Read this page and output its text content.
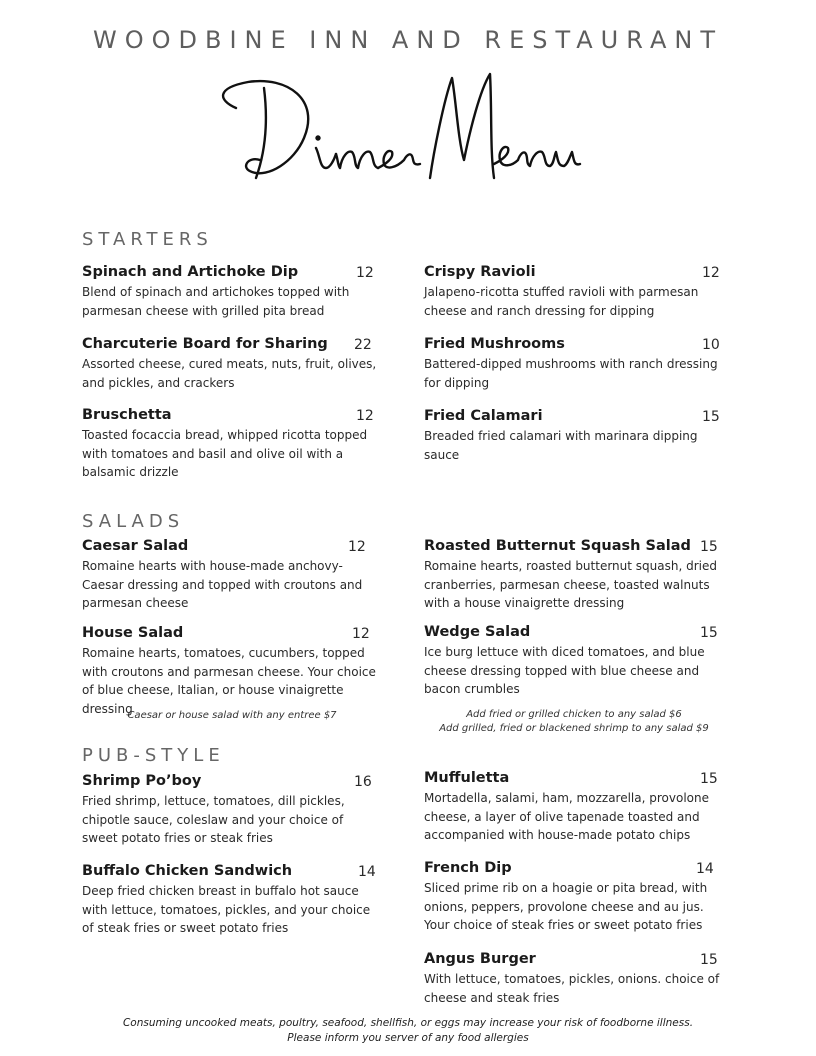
WOODBINE INN AND RESTAURANT
STARTERS
Spinach and Artichoke Dip	12
Blend of spinach and artichokes topped with parmesan cheese with grilled pita bread
Charcuterie Board for Sharing	22
Assorted cheese, cured meats, nuts, fruit, olives, and pickles, and crackers
Bruschetta	12
Toasted focaccia bread, whipped ricotta topped with tomatoes and basil and olive oil with a balsamic drizzle
Crispy Ravioli	12
Jalapeno-ricotta stuffed ravioli with parmesan cheese and ranch dressing for dipping
Fried Mushrooms	10
Battered-dipped mushrooms with ranch dressing for dipping
Fried Calamari	15
Breaded fried calamari with marinara dipping sauce
SALADS
Caesar Salad	12
Romaine hearts with house-made anchovy-Caesar dressing and topped with croutons and parmesan cheese
House Salad	12
Romaine hearts, tomatoes, cucumbers, topped with croutons and parmesan cheese. Your choice of blue cheese, Italian, or house vinaigrette dressing
Roasted Butternut Squash Salad 15
Romaine hearts, roasted butternut squash, dried cranberries, parmesan cheese, toasted walnuts with a house vinaigrette dressing
Wedge Salad	15
Ice burg lettuce with diced tomatoes, and blue cheese dressing topped with blue cheese and bacon crumbles
Caesar or house salad with any entree $7	Add fried or grilled chicken to any salad $6
Add grilled, fried or blackened shrimp to any salad $9
PUB-STYLE
Shrimp Po’boy	16
Fried shrimp, lettuce, tomatoes, dill pickles, chipotle sauce, coleslaw and your choice of sweet potato fries or steak fries
Buffalo Chicken Sandwich	14
Deep fried chicken breast in buffalo hot sauce with lettuce, tomatoes, pickles, and your choice of steak fries or sweet potato fries
Muffuletta	15
Mortadella, salami, ham, mozzarella, provolone cheese, a layer of olive tapenade toasted and accompanied with house-made potato chips
French Dip	14
Sliced prime rib on a hoagie or pita bread, with onions, peppers, provolone cheese and au jus. Your choice of steak fries or sweet potato fries
Angus Burger	15
With lettuce, tomatoes, pickles, onions. choice of cheese and steak fries
Consuming uncooked meats, poultry, seafood, shellfish, or eggs may increase your risk of foodborne illness.
Please inform you server of any food allergies
